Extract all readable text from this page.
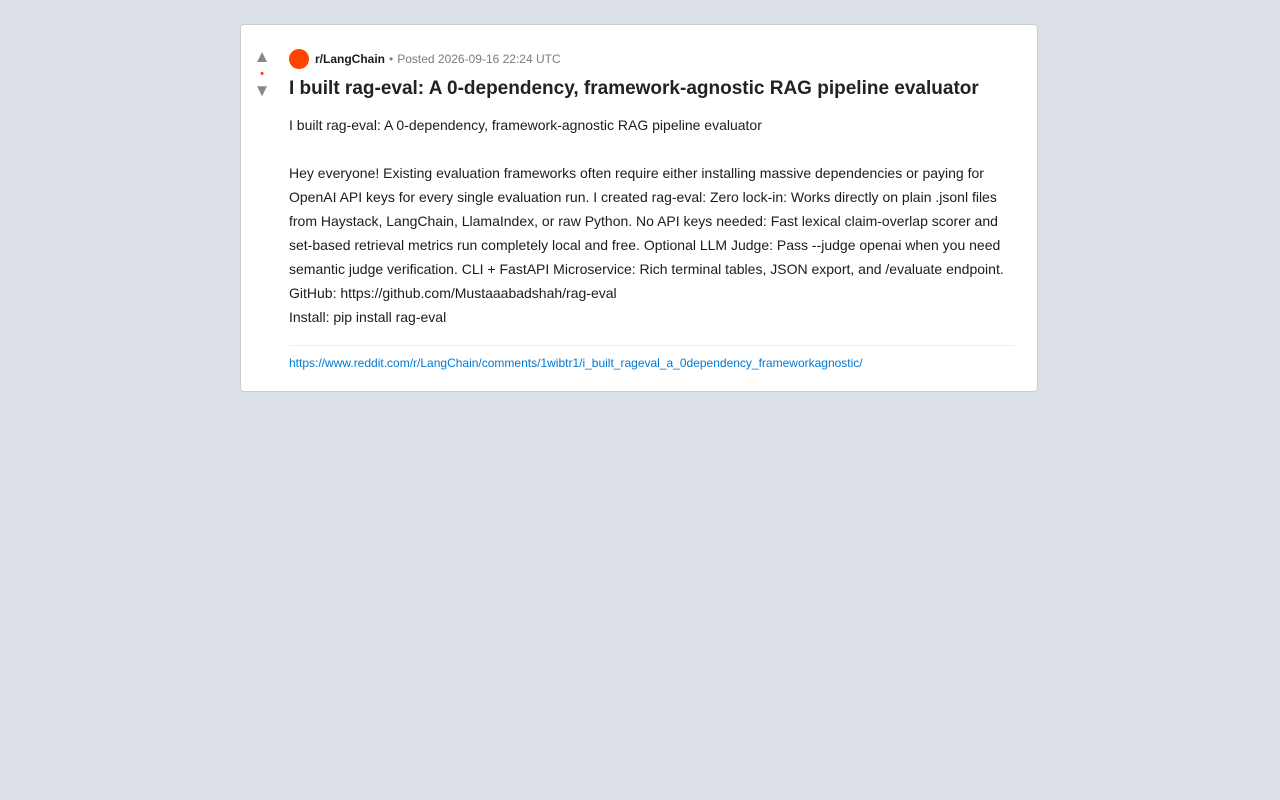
▲
•
▼
r/LangChain • Posted 2026-09-16 22:24 UTC
I built rag-eval: A 0-dependency, framework-agnostic RAG pipeline evaluator

I built rag-eval: A 0-dependency, framework-agnostic RAG pipeline evaluator

Hey everyone! Existing evaluation frameworks often require either installing massive dependencies or paying for OpenAI API keys for every single evaluation run. I created rag-eval: Zero lock-in: Works directly on plain .jsonl files from Haystack, LangChain, LlamaIndex, or raw Python. No API keys needed: Fast lexical claim-overlap scorer and set-based retrieval metrics run completely local and free. Optional LLM Judge: Pass --judge openai when you need semantic judge verification. CLI + FastAPI Microservice: Rich terminal tables, JSON export, and /evaluate endpoint.

GitHub: https://github.com/Mustaaabadshah/rag-eval

Install: pip install rag-eval

https://www.reddit.com/r/LangChain/comments/1wibtr1/i_built_rageval_a_0dependency_frameworkagnostic/
